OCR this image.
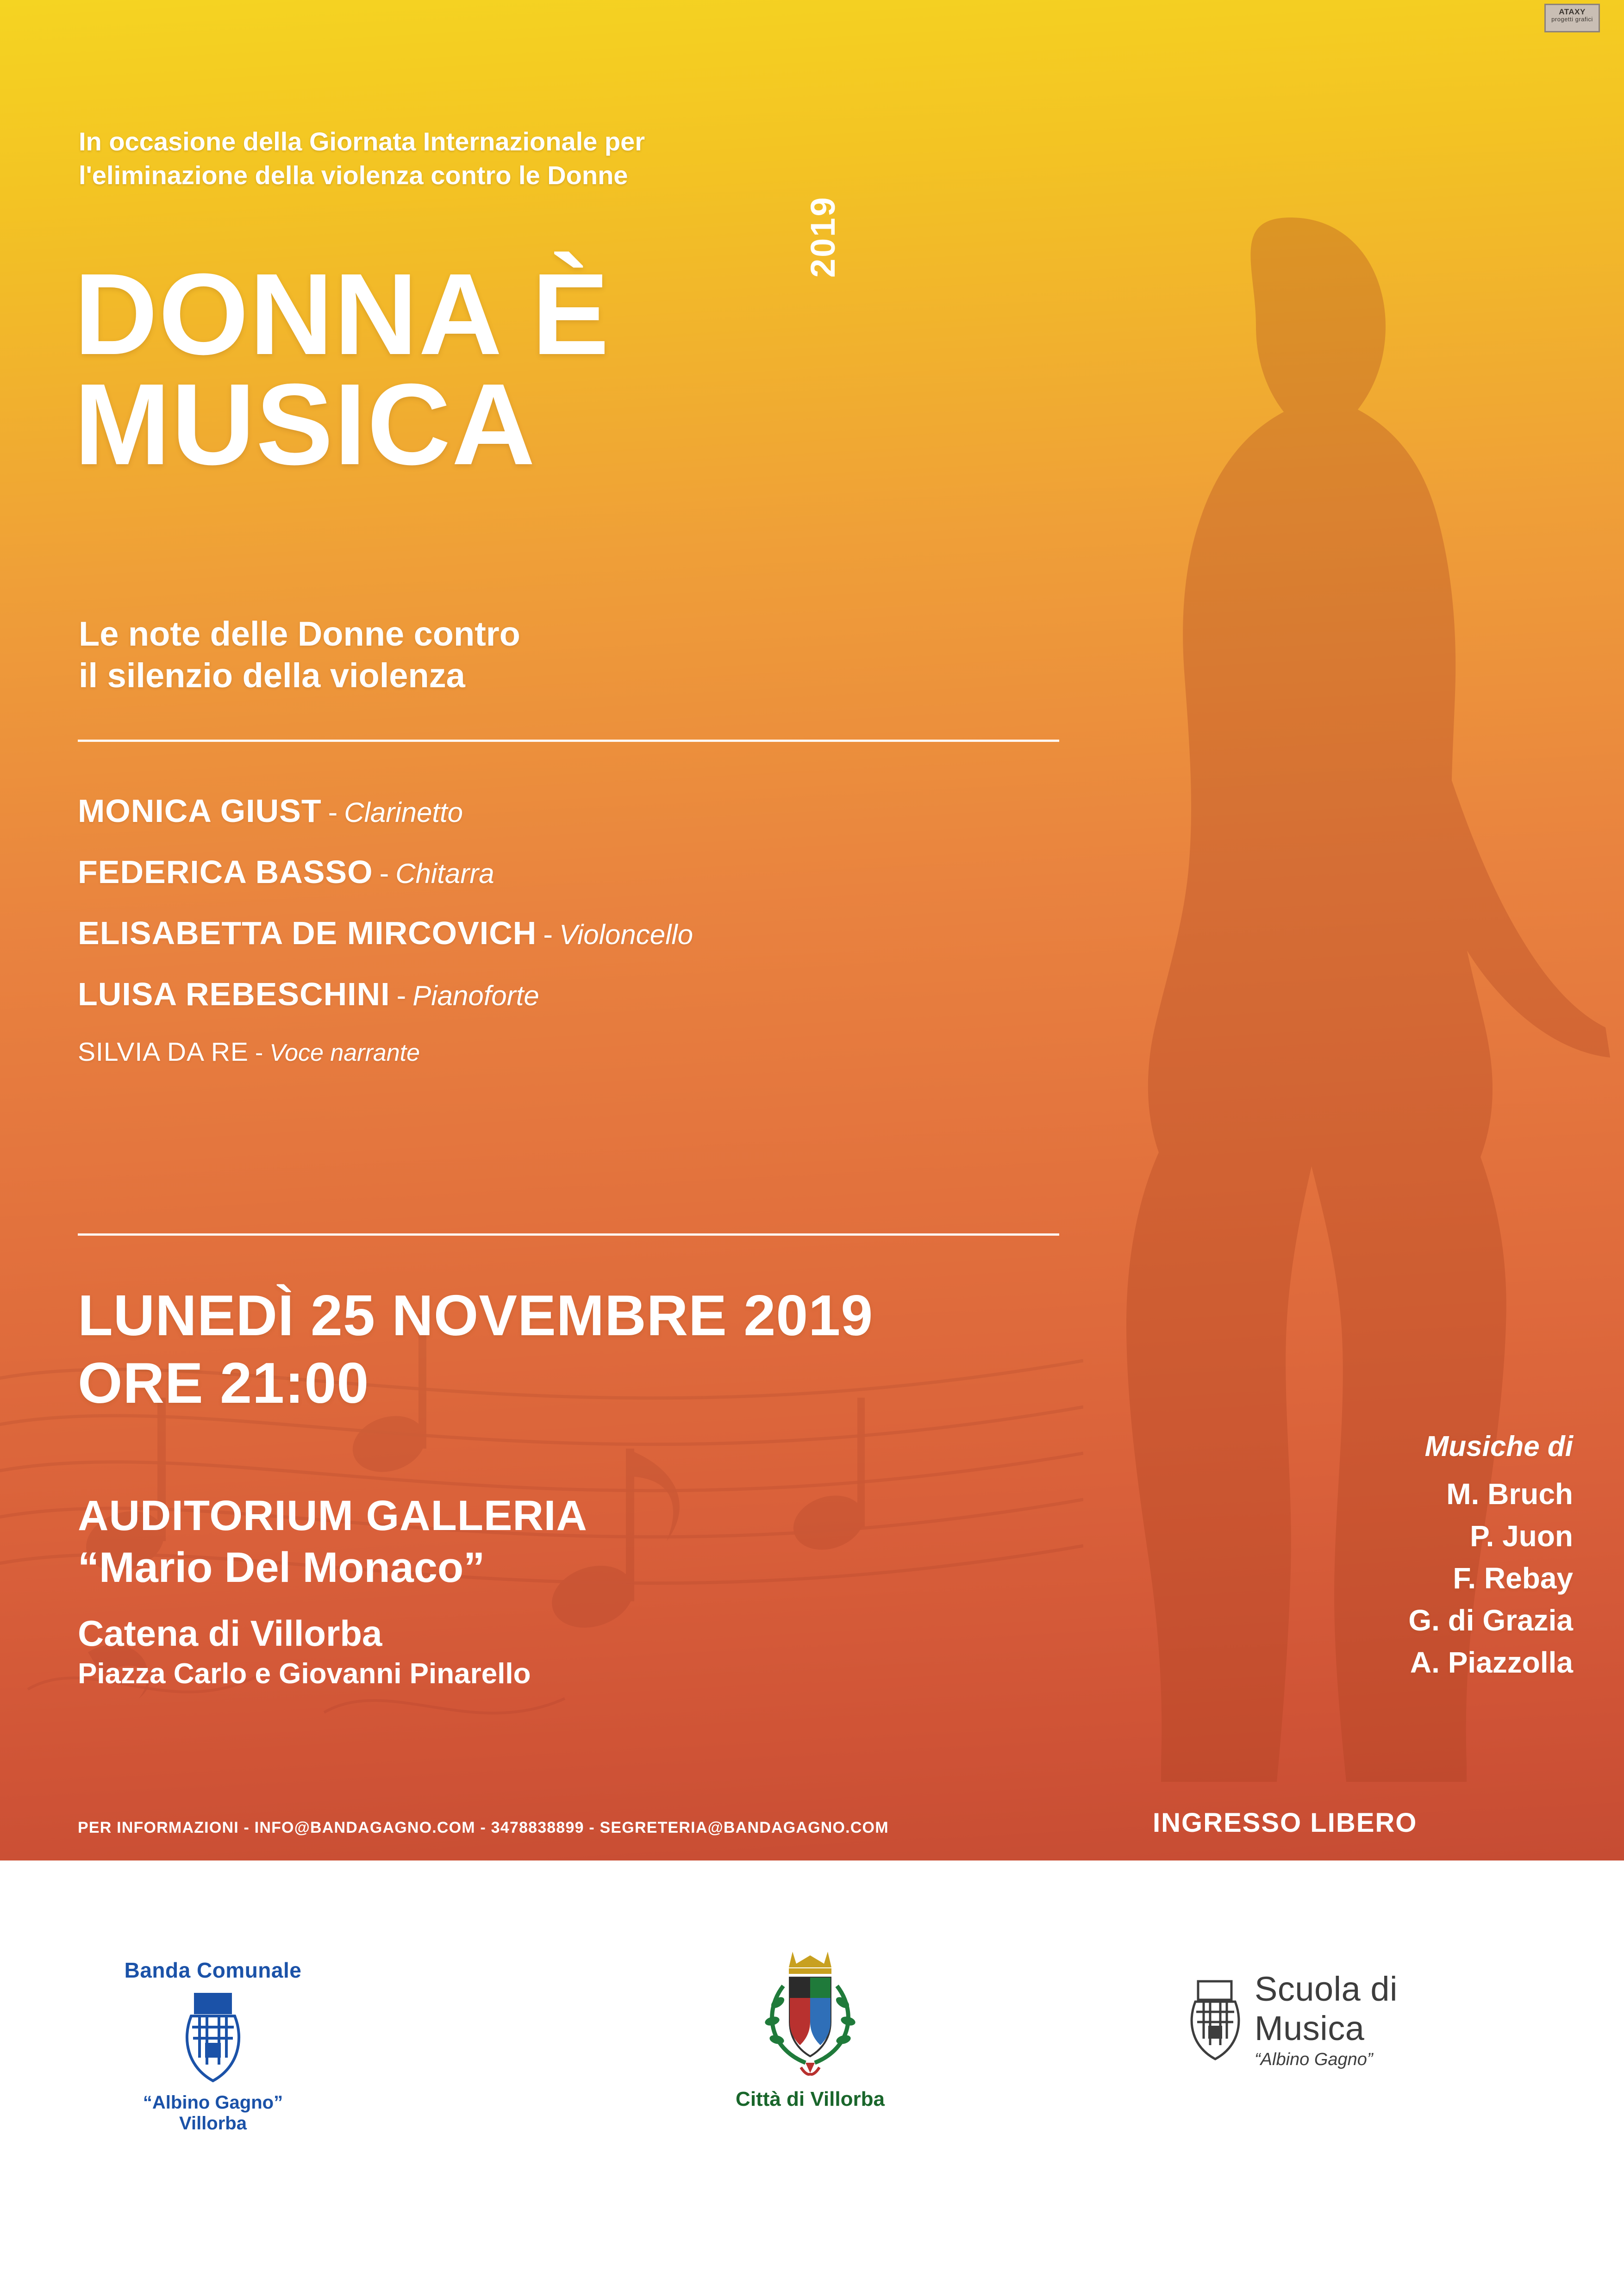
ATAXY
progetti grafici
In occasione della Giornata Internazionale per
l'eliminazione della violenza contro le Donne
DONNA È
MUSICA
2019
Le note delle Donne contro
il silenzio della violenza
MONICA GIUST - Clarinetto
FEDERICA BASSO - Chitarra
ELISABETTA DE MIRCOVICH - Violoncello
LUISA REBESCHINI - Pianoforte
SILVIA DA RE - Voce narrante
LUNEDÌ 25 NOVEMBRE 2019
ORE 21:00
AUDITORIUM GALLERIA
“Mario Del Monaco”
Catena di Villorba
Piazza Carlo e Giovanni Pinarello
Musiche di
M. Bruch
P. Juon
F. Rebay
G. di Grazia
A. Piazzolla
PER INFORMAZIONI - INFO@BANDAGAGNO.COM - 3478838899 - SEGRETERIA@BANDAGAGNO.COM	INGRESSO LIBERO
Banda Comunale
“Albino Gagno”
Villorba
Città di Villorba
Scuola di
Musica
“Albino Gagno”
